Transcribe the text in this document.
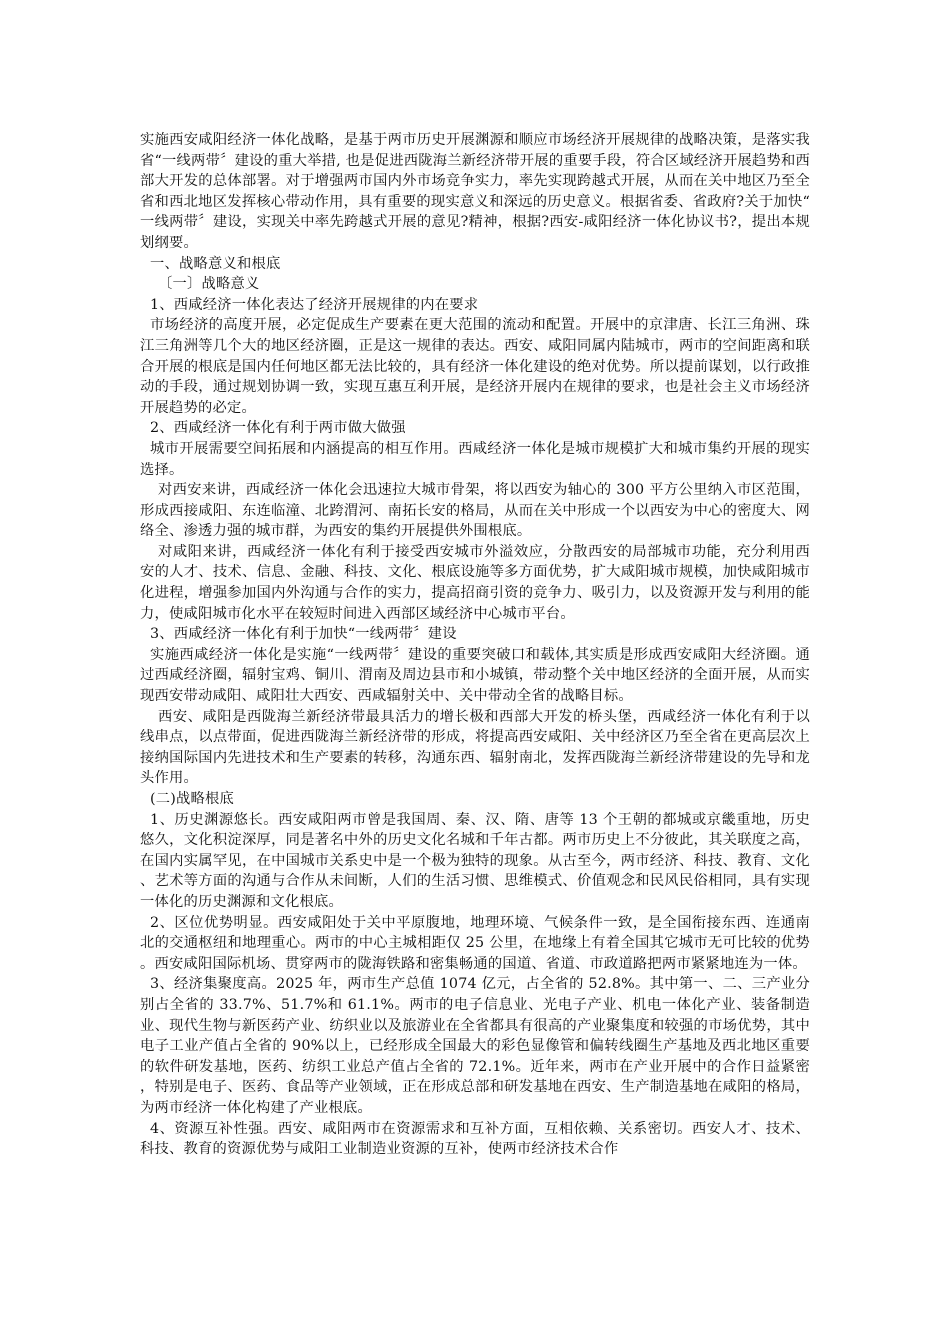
实施西安咸阳经济一体化战略，是基于两市历史开展渊源和顺应市场经济开展规律的战略决策，是落实我省“一线两带〞建设的重大举措, 也是促进西陇海兰新经济带开展的重要手段，符合区域经济开展趋势和西部大开发的总体部署。对于增强两市国内外市场竞争实力，率先实现跨越式开展，从而在关中地区乃至全省和西北地区发挥核心带动作用，具有重要的现实意义和深远的历史意义。根据省委、省政府?关于加快“一线两带〞建设，实现关中率先跨越式开展的意见?精神，根据?西安-咸阳经济一体化协议书?，提出本规划纲要。

一、战略意义和根底

〔一〕战略意义

1、西咸经济一体化表达了经济开展规律的内在要求

市场经济的高度开展，必定促成生产要素在更大范围的流动和配置。开展中的京津唐、长江三角洲、珠江三角洲等几个大的地区经济圈，正是这一规律的表达。西安、咸阳同属内陆城市，两市的空间距离和联合开展的根底是国内任何地区都无法比较的，具有经济一体化建设的绝对优势。所以提前谋划，以行政推动的手段，通过规划协调一致，实现互惠互利开展，是经济开展内在规律的要求，也是社会主义市场经济开展趋势的必定。

2、西咸经济一体化有利于两市做大做强

城市开展需要空间拓展和内涵提高的相互作用。西咸经济一体化是城市规模扩大和城市集约开展的现实选择。

对西安来讲，西咸经济一体化会迅速拉大城市骨架，将以西安为轴心的 300 平方公里纳入市区范围，形成西接咸阳、东连临潼、北跨渭河、南拓长安的格局，从而在关中形成一个以西安为中心的密度大、网络全、渗透力强的城市群，为西安的集约开展提供外围根底。

对咸阳来讲，西咸经济一体化有利于接受西安城市外溢效应，分散西安的局部城市功能，充分利用西安的人才、技术、信息、金融、科技、文化、根底设施等多方面优势，扩大咸阳城市规模，加快咸阳城市化进程，增强参加国内外沟通与合作的实力，提高招商引资的竞争力、吸引力，以及资源开发与利用的能力，使咸阳城市化水平在较短时间进入西部区域经济中心城市平台。

3、西咸经济一体化有利于加快“一线两带〞建设

实施西咸经济一体化是实施“一线两带〞建设的重要突破口和载体,其实质是形成西安咸阳大经济圈。通过西咸经济圈，辐射宝鸡、铜川、渭南及周边县市和小城镇，带动整个关中地区经济的全面开展，从而实现西安带动咸阳、咸阳壮大西安、西咸辐射关中、关中带动全省的战略目标。

西安、咸阳是西陇海兰新经济带最具活力的增长极和西部大开发的桥头堡，西咸经济一体化有利于以线串点，以点带面，促进西陇海兰新经济带的形成，将提高西安咸阳、关中经济区乃至全省在更高层次上接纳国际国内先进技术和生产要素的转移，沟通东西、辐射南北，发挥西陇海兰新经济带建设的先导和龙头作用。

(二)战略根底

1、历史渊源悠长。西安咸阳两市曾是我国周、秦、汉、隋、唐等 13 个王朝的都城或京畿重地，历史悠久，文化积淀深厚，同是著名中外的历史文化名城和千年古都。两市历史上不分彼此，其关联度之高，在国内实属罕见，在中国城市关系史中是一个极为独特的现象。从古至今，两市经济、科技、教育、文化、艺术等方面的沟通与合作从未间断，人们的生活习惯、思维模式、价值观念和民风民俗相同，具有实现一体化的历史渊源和文化根底。

2、区位优势明显。西安咸阳处于关中平原腹地，地理环境、气候条件一致，是全国衔接东西、连通南北的交通枢纽和地理重心。两市的中心主城相距仅 25 公里，在地缘上有着全国其它城市无可比较的优势。西安咸阳国际机场、贯穿两市的陇海铁路和密集畅通的国道、省道、市政道路把两市紧紧地连为一体。

3、经济集聚度高。2025 年，两市生产总值 1074 亿元，占全省的 52.8%。其中第一、二、三产业分别占全省的 33.7%、51.7%和 61.1%。两市的电子信息业、光电子产业、机电一体化产业、装备制造业、现代生物与新医药产业、纺织业以及旅游业在全省都具有很高的产业聚集度和较强的市场优势，其中电子工业产值占全省的 90%以上，已经形成全国最大的彩色显像管和偏转线圈生产基地及西北地区重要的软件研发基地，医药、纺织工业总产值占全省的 72.1%。近年来，两市在产业开展中的合作日益紧密，特别是电子、医药、食品等产业领域，正在形成总部和研发基地在西安、生产制造基地在咸阳的格局，为两市经济一体化构建了产业根底。

4、资源互补性强。西安、咸阳两市在资源需求和互补方面，互相依赖、关系密切。西安人才、技术、科技、教育的资源优势与咸阳工业制造业资源的互补，使两市经济技术合作
